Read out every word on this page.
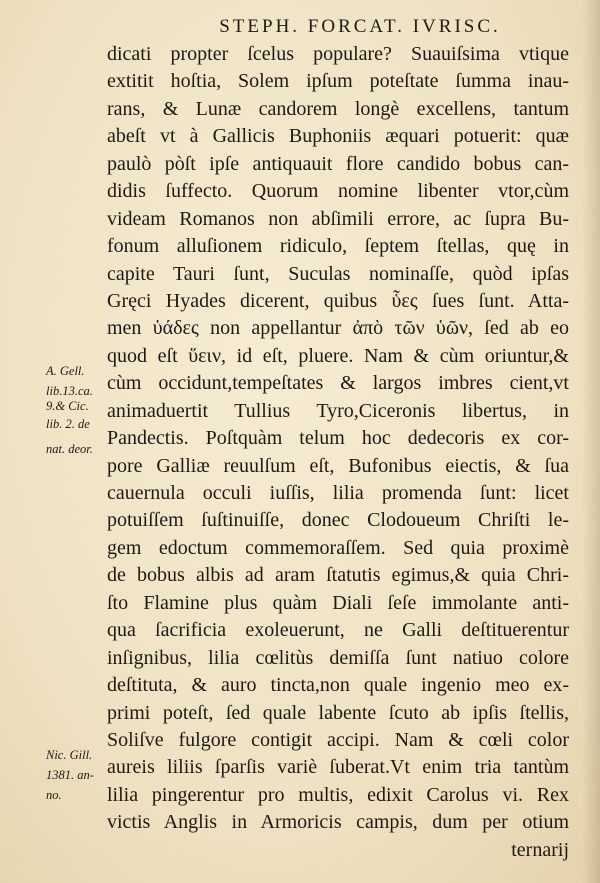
STEPH. FORCAT. IVRISC.
dicati propter ſcelus populare? Suauiſsima vtique
extitit hoſtia, Solem ipſum poteſtate ſumma inau-
rans, & Lunæ candorem longè excellens, tantum
abeſt vt à Gallicis Buphoniis æquari potuerit: quæ
paulò pòſt ipſe antiquauit flore candido bobus can-
didis ſuffecto. Quorum nomine libenter vtor,cùm
videam Romanos non abſimili errore, ac ſupra Bu-
fonum alluſionem ridiculo, ſeptem ſtellas, quę in
capite Tauri ſunt, Suculas nominaſſe, quòd ipſas
Gręci Hyades dicerent, quibus ὗες ſues ſunt. Atta-
men ὑάδες non appellantur ἀπὸ τῶν ὑῶν, ſed ab eo
quod eſt ὕειν, id eſt, pluere. Nam & cùm oriuntur,&
cùm occidunt,tempeſtates & largos imbres cient,vt
animaduertit Tullius Tyro,Ciceronis libertus, in
Pandectis. Poſtquàm telum hoc dedecoris ex cor-
pore Galliæ reuulſum eſt, Bufonibus eiectis, & ſua
cauernula occuli iuſſis, lilia promenda ſunt: licet
potuiſſem ſuſtinuiſſe, donec Clodoueum Chriſti le-
gem edoctum commemoraſſem. Sed quia proximè
de bobus albis ad aram ſtatutis egimus,& quia Chri-
ſto Flamine plus quàm Diali ſeſe immolante anti-
qua ſacrificia exoleuerunt, ne Galli deſtituerentur
inſignibus, lilia cœlitùs demiſſa ſunt natiuo colore
deſtituta, & auro tincta,non quale ingenio meo ex-
primi poteſt, ſed quale labente ſcuto ab ipſis ſtellis,
Soliſve fulgore contigit accipi. Nam & cœli color
aureis liliis ſparſis variè ſuberat.Vt enim tria tantùm
lilia pingerentur pro multis, edixit Carolus vi. Rex
victis Anglis in Armoricis campis, dum per otium
ternarij
A. Gell.
lib.13.ca.
9.& Cic.
lib. 2. de
nat. deor.
Nic. Gill.
1381. an-
no.
